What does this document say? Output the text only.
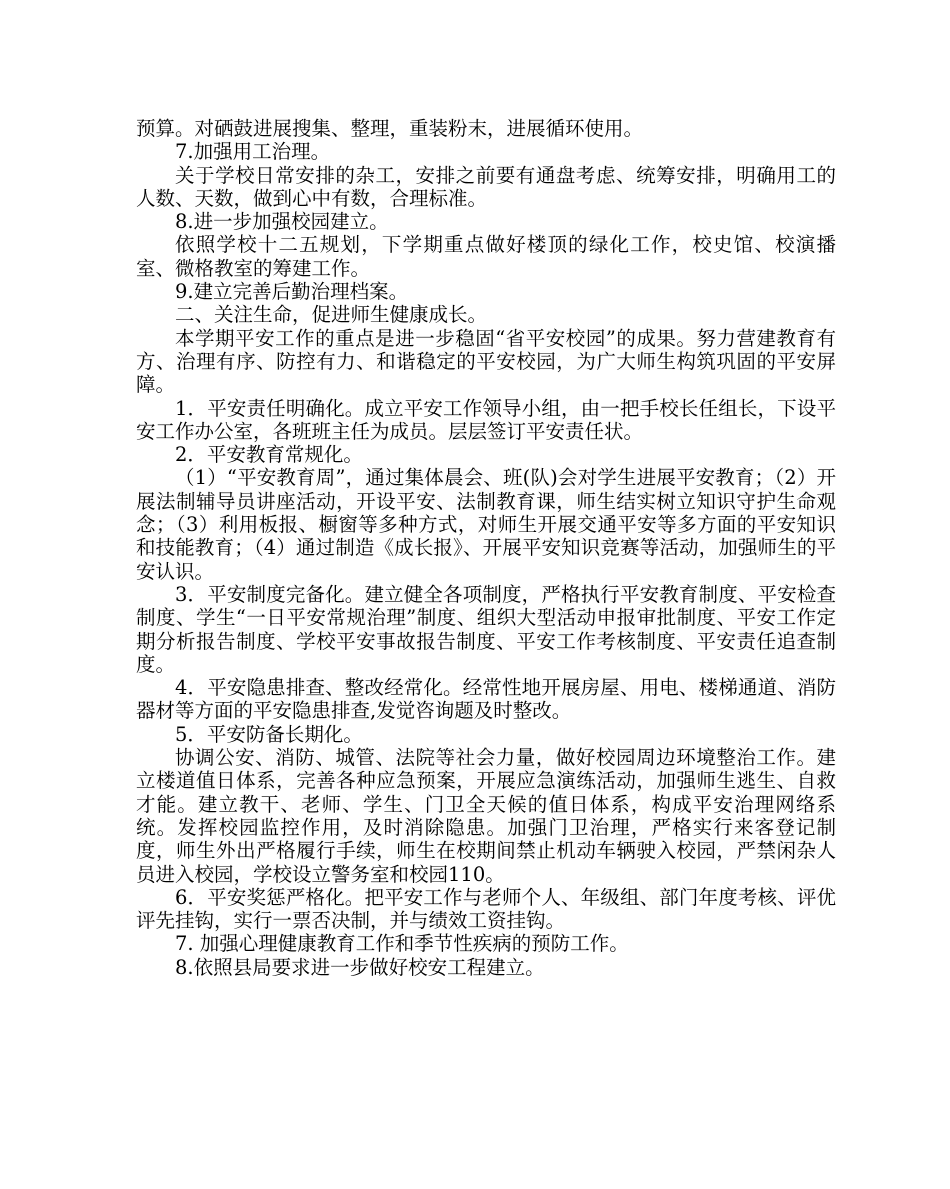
预算。对硒鼓进展搜集、整理，重装粉末，进展循环使用。

7.加强用工治理。

关于学校日常安排的杂工，安排之前要有通盘考虑、统筹安排，明确用工的人数、天数，做到心中有数，合理标准。

8.进一步加强校园建立。

依照学校十二五规划，下学期重点做好楼顶的绿化工作，校史馆、校演播室、微格教室的筹建工作。

9.建立完善后勤治理档案。

二、关注生命，促进师生健康成长。

本学期平安工作的重点是进一步稳固“省平安校园”的成果。努力营建教育有方、治理有序、防控有力、和谐稳定的平安校园，为广大师生构筑巩固的平安屏障。

1．平安责任明确化。成立平安工作领导小组，由一把手校长任组长，下设平安工作办公室，各班班主任为成员。层层签订平安责任状。

2．平安教育常规化。

（1）“平安教育周”，通过集体晨会、班(队)会对学生进展平安教育；（2）开展法制辅导员讲座活动，开设平安、法制教育课，师生结实树立知识守护生命观念；（3）利用板报、橱窗等多种方式，对师生开展交通平安等多方面的平安知识和技能教育；（4）通过制造《成长报》、开展平安知识竞赛等活动，加强师生的平安认识。

3．平安制度完备化。建立健全各项制度，严格执行平安教育制度、平安检查制度、学生“一日平安常规治理”制度、组织大型活动申报审批制度、平安工作定期分析报告制度、学校平安事故报告制度、平安工作考核制度、平安责任追查制度。

4．平安隐患排查、整改经常化。经常性地开展房屋、用电、楼梯通道、消防器材等方面的平安隐患排查,发觉咨询题及时整改。

5．平安防备长期化。

协调公安、消防、城管、法院等社会力量，做好校园周边环境整治工作。建立楼道值日体系，完善各种应急预案，开展应急演练活动，加强师生逃生、自救才能。建立教干、老师、学生、门卫全天候的值日体系，构成平安治理网络系统。发挥校园监控作用，及时消除隐患。加强门卫治理，严格实行来客登记制度，师生外出严格履行手续，师生在校期间禁止机动车辆驶入校园，严禁闲杂人员进入校园，学校设立警务室和校园110。

6．平安奖惩严格化。把平安工作与老师个人、年级组、部门年度考核、评优评先挂钩，实行一票否决制，并与绩效工资挂钩。

7. 加强心理健康教育工作和季节性疾病的预防工作。

8.依照县局要求进一步做好校安工程建立。
